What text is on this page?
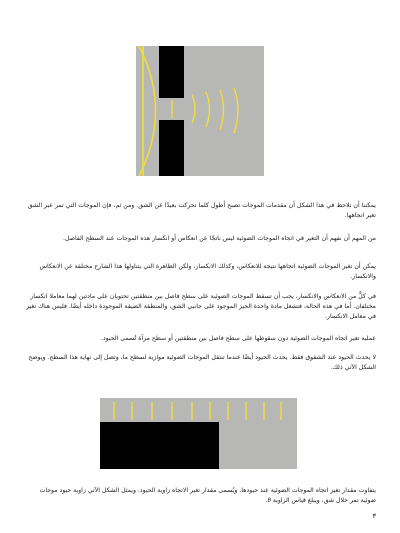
يمكننا أن نلاحظ في هذا الشكل أن مقدمات الموجات تصبح أطول كلما تحركت بعيدًا عن الشق. ومن ثم، فإن الموجات التي تمر عبر الشق تغير اتجاهها.

من المهم أن نفهم أن التغير في اتجاه الموجات الضوئية ليس ناتجًا عن انعكاس أو انكسار هذه الموجات عند السطح الفاصل.

يمكن أن تغير الموجات الضوئية اتجاهها نتيجة للانعكاس، وكذلك الانكسار، ولكن الظاهرة التي يتناولها هذا الشارح مختلفة عن الانعكاس والانكسار.

في كلٍّ من الانعكاس والانكسار، يجب أن تسقط الموجات الضوئية على سطح فاصل بين منطقتين تحتويان على مادتين لهما معاملا انكسار مختلفان. أما في هذه الحالة، فتشغل مادة واحدة الحيز الموجود على جانبي الشق، والمنطقة الضيقة الموجودة داخله أيضًا. فليس هناك تغير في معامل الانكسار.

عملية تغير اتجاه الموجات الضوئية دون سقوطها على سطح فاصل بين منطقتين أو سطح مرآة تُسمى الحيود.

لا يحدث الحيود عند الشقوق فقط. يحدث الحيود أيضًا عندما تنتقل الموجات الضوئية موازية لسطح ما، وتصل إلى نهاية هذا السطح. ويوضح الشكل الآتي ذلك.

يتفاوت مقدار تغير اتجاه الموجات الضوئية عند حيودها. ويُسمى مقدار تغير الاتجاه زاوية الحيود. ويمثل الشكل الآتي زاوية حيود موجات ضوئية تمر خلال شق، ويبلغ قياس الزاوية 𝜃.

٣
